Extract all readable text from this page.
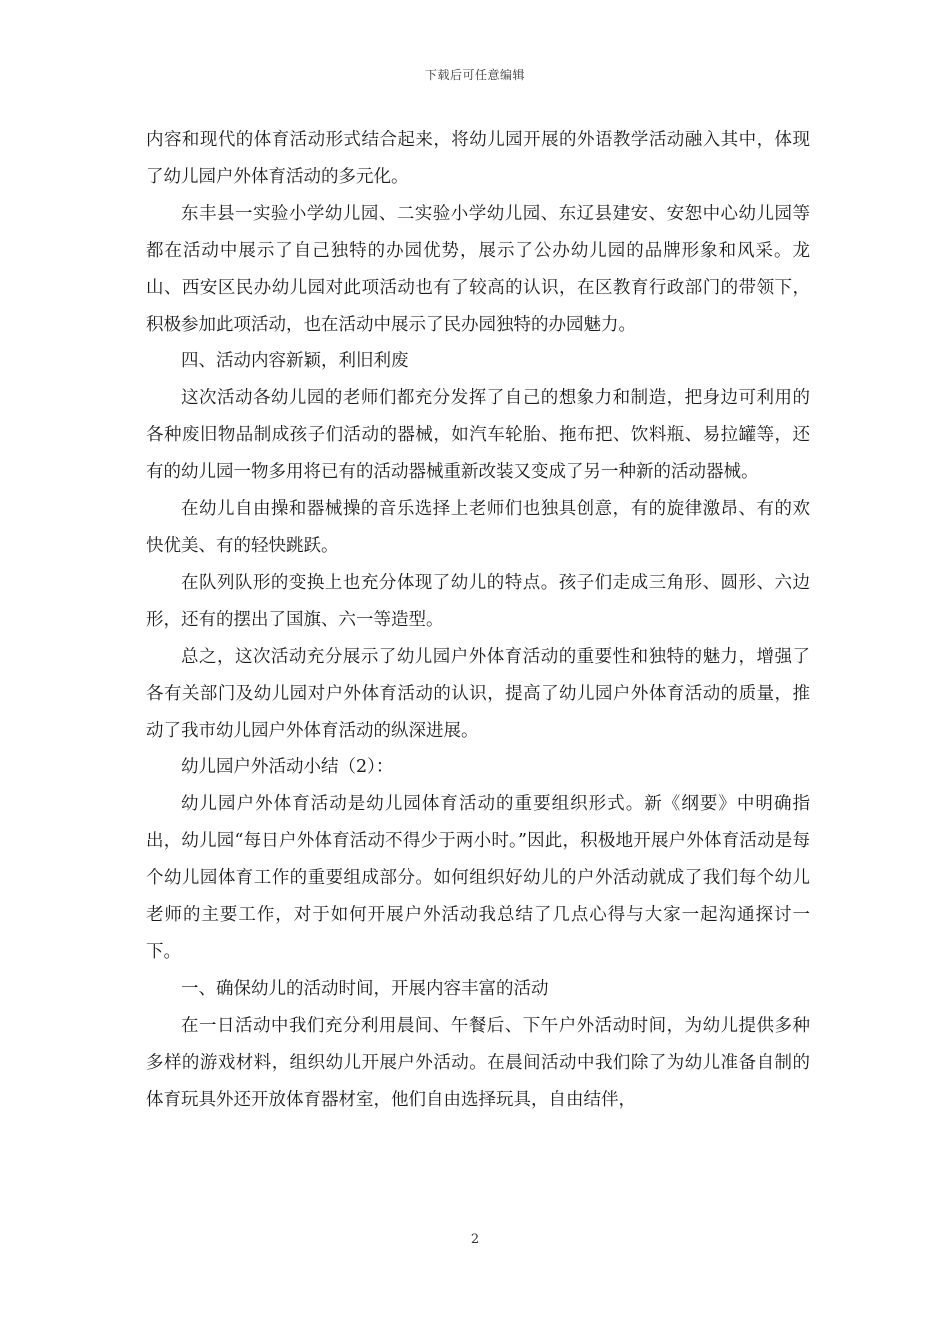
下载后可任意编辑

内容和现代的体育活动形式结合起来，将幼儿园开展的外语教学活动融入其中，体现了幼儿园户外体育活动的多元化。

东丰县一实验小学幼儿园、二实验小学幼儿园、东辽县建安、安恕中心幼儿园等都在活动中展示了自己独特的办园优势，展示了公办幼儿园的品牌形象和风采。龙山、西安区民办幼儿园对此项活动也有了较高的认识，在区教育行政部门的带领下，积极参加此项活动，也在活动中展示了民办园独特的办园魅力。

四、活动内容新颖，利旧利废

这次活动各幼儿园的老师们都充分发挥了自己的想象力和制造，把身边可利用的各种废旧物品制成孩子们活动的器械，如汽车轮胎、拖布把、饮料瓶、易拉罐等，还有的幼儿园一物多用将已有的活动器械重新改装又变成了另一种新的活动器械。

在幼儿自由操和器械操的音乐选择上老师们也独具创意，有的旋律激昂、有的欢快优美、有的轻快跳跃。

在队列队形的变换上也充分体现了幼儿的特点。孩子们走成三角形、圆形、六边形，还有的摆出了国旗、六一等造型。

总之，这次活动充分展示了幼儿园户外体育活动的重要性和独特的魅力，增强了各有关部门及幼儿园对户外体育活动的认识，提高了幼儿园户外体育活动的质量，推动了我市幼儿园户外体育活动的纵深进展。

幼儿园户外活动小结（2）：

幼儿园户外体育活动是幼儿园体育活动的重要组织形式。新《纲要》中明确指出，幼儿园“每日户外体育活动不得少于两小时。”因此，积极地开展户外体育活动是每个幼儿园体育工作的重要组成部分。如何组织好幼儿的户外活动就成了我们每个幼儿老师的主要工作，对于如何开展户外活动我总结了几点心得与大家一起沟通探讨一下。

一、确保幼儿的活动时间，开展内容丰富的活动

在一日活动中我们充分利用晨间、午餐后、下午户外活动时间，为幼儿提供多种多样的游戏材料，组织幼儿开展户外活动。在晨间活动中我们除了为幼儿准备自制的体育玩具外还开放体育器材室，他们自由选择玩具，自由结伴，

2
